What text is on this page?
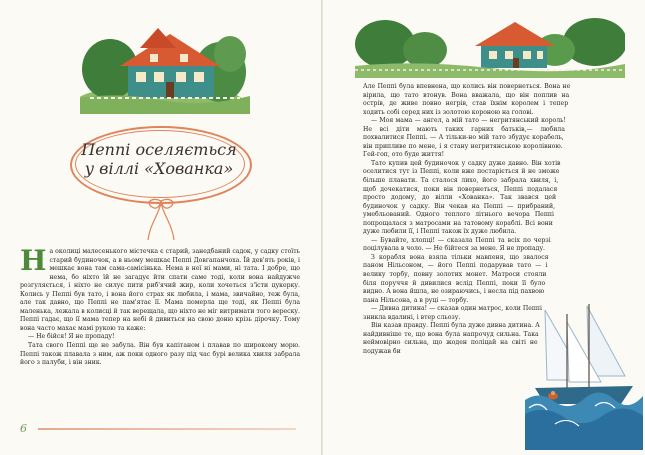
Пеппі оселяється
у віллі «Хованка»

На околиці малесенького містечка є старий, занедбаний садок, у садку стоїть старий будиночок, а в ньому мешкає Пеппі Довгапанчоха. Їй дев'ять років, і мешкає вона там сама-самісінька. Нема в неї ні мами, ні тата. І добре, що нема, бо ніхто їй не загадує йти спати саме тоді, коли вона найдужче розгуляється, і ніхто не силує пити риб'ячий жир, коли хочеться з'їсти цукерку. Колись у Пеппі був тато, і вона його страх як любила, і мама, звичайно, теж була, але так давно, що Пеппі не пам'ятає її. Мама померла ще тоді, як Пеппі була маленька, лежала в колисці й так верещала, що ніхто не міг витримати того вереску. Пеппі гадає, що її мама тепер на небі й дивиться на свою доню крізь дірочку. Тому вона часто махає мамі рукою та каже:

— Не бійся! Я не пропаду!

Тата свого Пеппі ще не забула. Він був капітаном і плавав по широкому морю. Пеппі також плавала з ним, аж поки одного разу під час бурі велика хвиля забрала його з палуби, і він зник.

6

Але Пеппі була впевнена, що колись він повернеться. Вона не вірила, що тато втонув. Вона вважала, що він поплив на острів, де живе повно негрів, став їхнім королем і тепер ходить собі серед них із золотою короною на голові.

— Моя мама — ангел, а мій тато — негритянський король! Не всі діти мають таких гарних батьків,— любила похвалитися Пеппі. — А тільки-но мій тато збудує корабель, він припливе по мене, і я стану негритянською королівною. Гей-гоп, ото буде життя!

Тато купив цей будиночок у садку дуже давно. Він хотів оселитися тут із Пеппі, коли вже постаріється й не зможе більше плавати. Та сталося лихо, його забрала хвиля, і, щоб дочекатися, поки він повернеться, Пеппі подалася просто додому, до вілли «Хованка». Так звався цей будиночок у садку. Він чекав на Пеппі — прибраний, умебльований. Одного теплого літнього вечора Пеппі попрощалася з матросами на татовому кораблі. Всі вони дуже любили її, і Пеппі також їх дуже любила.

— Бувайте, хлопці! — сказала Пеппі та всіх по черзі поцілувала в чоло. — Не бійтеся за мене. Я не пропаду.

З корабля вона взяла тільки мавпеня, що звалося паном Нільсоном, — його Пеппі подарував тато — і велику торбу, повну золотих монет. Матроси стояли біля поруччя й дивилися вслід Пеппі, поки її було видно. А вона йшла, не озираючись, і несла під пахвою пана Нільсона, а в руці — торбу.

— Дивна дитина! — сказав один матрос, коли Пеппі зникла вдалині, і втер сльозу.

Він казав правду. Пеппі була дуже дивна дитина. А найдивніше те, що вона була напрочуд сильна. Така неймовірно сильна, що жоден поліцай на світі не подужав би
